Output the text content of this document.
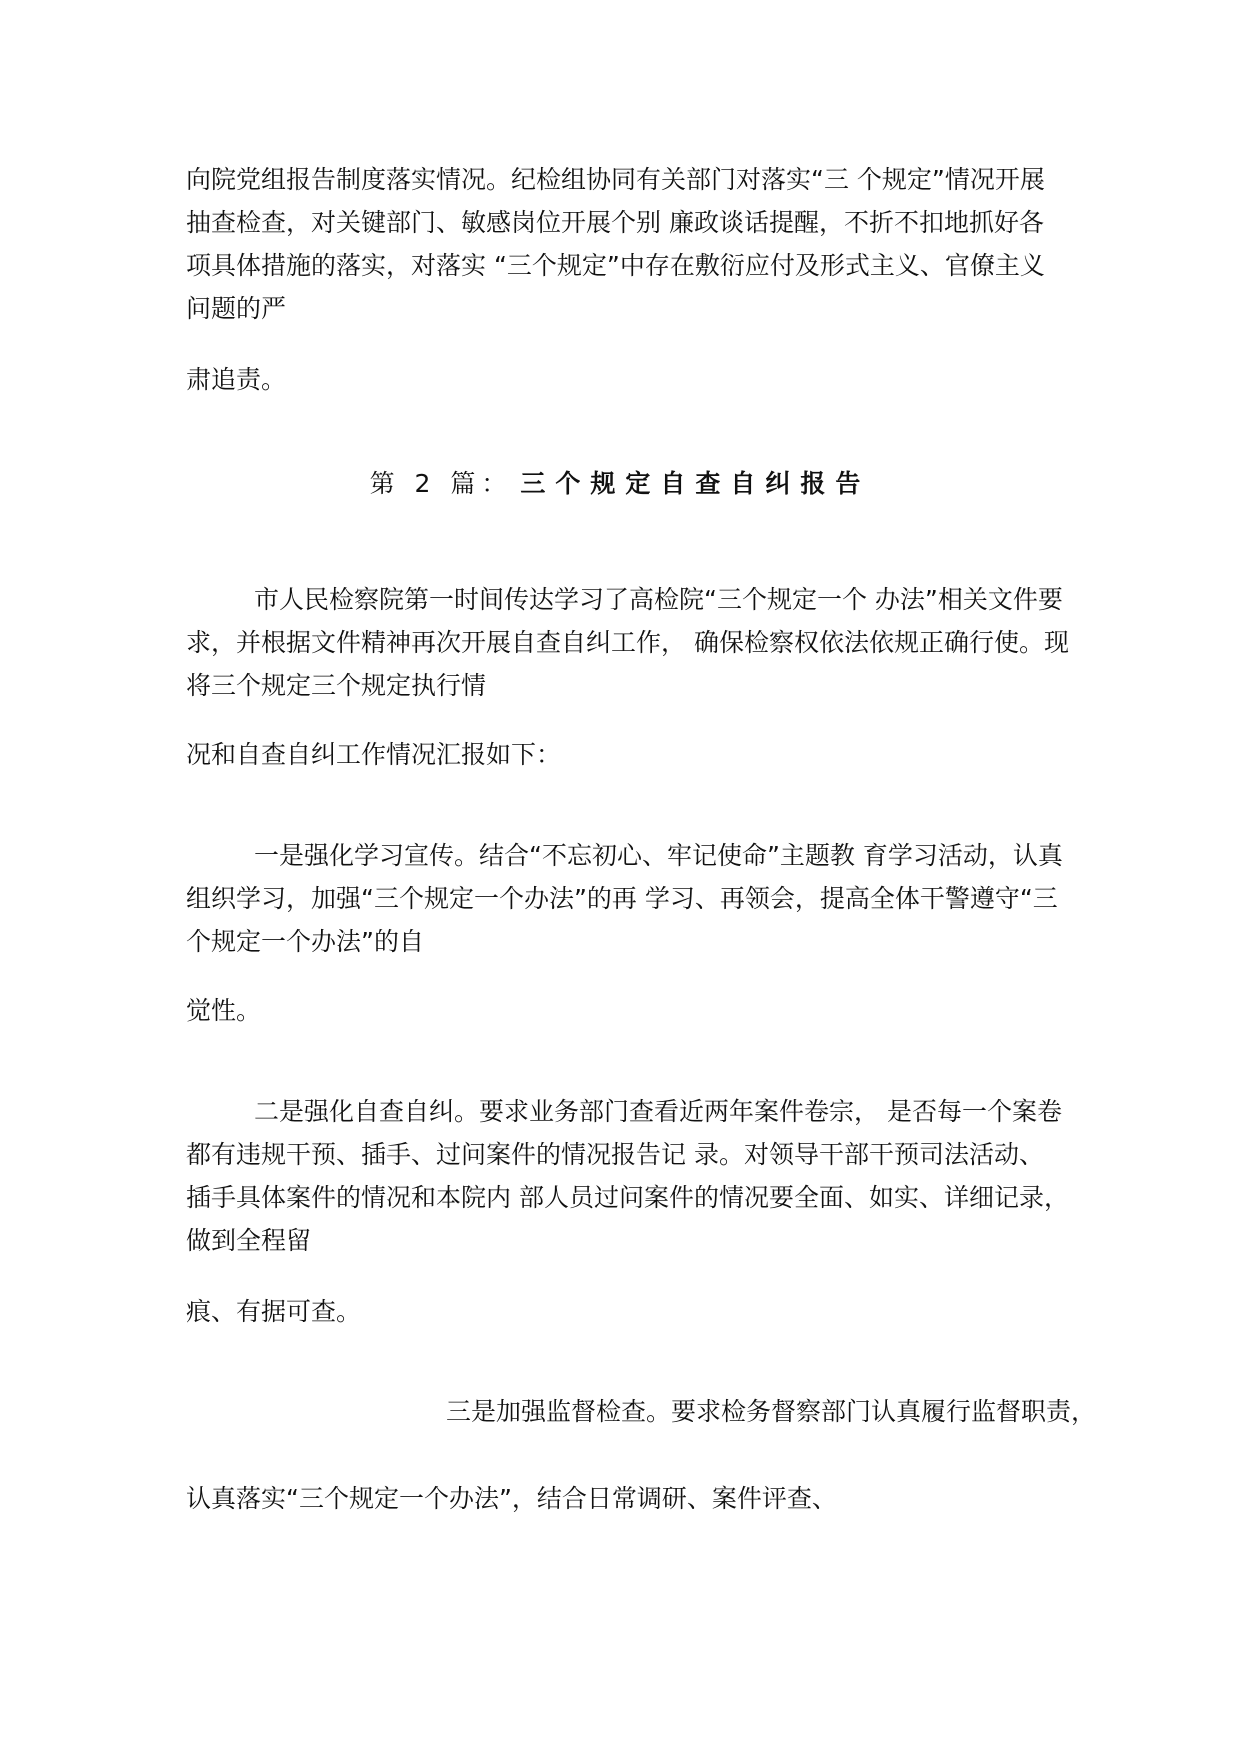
向院党组报告制度落实情况。纪检组协同有关部门对落实“三 个规定”情况开展
抽查检查，对关键部门、敏感岗位开展个别 廉政谈话提醒，不折不扣地抓好各
项具体措施的落实，对落实 “三个规定”中存在敷衍应付及形式主义、官僚主义
问题的严
肃追责。
第 2 篇： 三个规定自查自纠报告
市人民检察院第一时间传达学习了高检院“三个规定一个 办法”相关文件要
求，并根据文件精神再次开展自查自纠工作， 确保检察权依法依规正确行使。现
将三个规定三个规定执行情
况和自查自纠工作情况汇报如下：
一是强化学习宣传。结合“不忘初心、牢记使命”主题教 育学习活动，认真
组织学习，加强“三个规定一个办法”的再 学习、再领会，提高全体干警遵守“三
个规定一个办法”的自
觉性。
二是强化自查自纠。要求业务部门查看近两年案件卷宗， 是否每一个案卷
都有违规干预、插手、过问案件的情况报告记 录。对领导干部干预司法活动、
插手具体案件的情况和本院内 部人员过问案件的情况要全面、如实、详细记录，
做到全程留
痕、有据可查。
三是加强监督检查。要求检务督察部门认真履行监督职责，
认真落实“三个规定一个办法”，结合日常调研、案件评查、
